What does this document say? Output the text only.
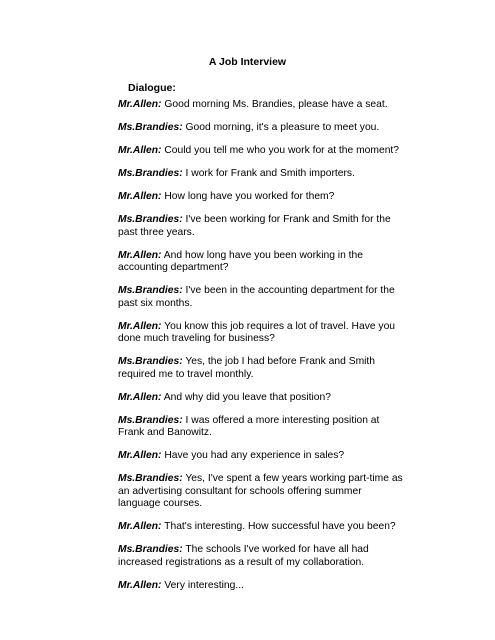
A Job Interview
Dialogue:

Mr.Allen: Good morning Ms. Brandies, please have a seat.

Ms.Brandies: Good morning, it's a pleasure to meet you.

Mr.Allen: Could you tell me who you work for at the moment?

Ms.Brandies: I work for Frank and Smith importers.

Mr.Allen: How long have you worked for them?

Ms.Brandies: I've been working for Frank and Smith for the past three years.

Mr.Allen: And how long have you been working in the accounting department?

Ms.Brandies: I've been in the accounting department for the past six months.

Mr.Allen: You know this job requires a lot of travel. Have you done much traveling for business?

Ms.Brandies: Yes, the job I had before Frank and Smith required me to travel monthly.

Mr.Allen: And why did you leave that position?

Ms.Brandies: I was offered a more interesting position at Frank and Banowitz.

Mr.Allen: Have you had any experience in sales?

Ms.Brandies: Yes, I've spent a few years working part-time as an advertising consultant for schools offering summer language courses.

Mr.Allen: That's interesting. How successful have you been?

Ms.Brandies: The schools I've worked for have all had increased registrations as a result of my collaboration.

Mr.Allen: Very interesting...
